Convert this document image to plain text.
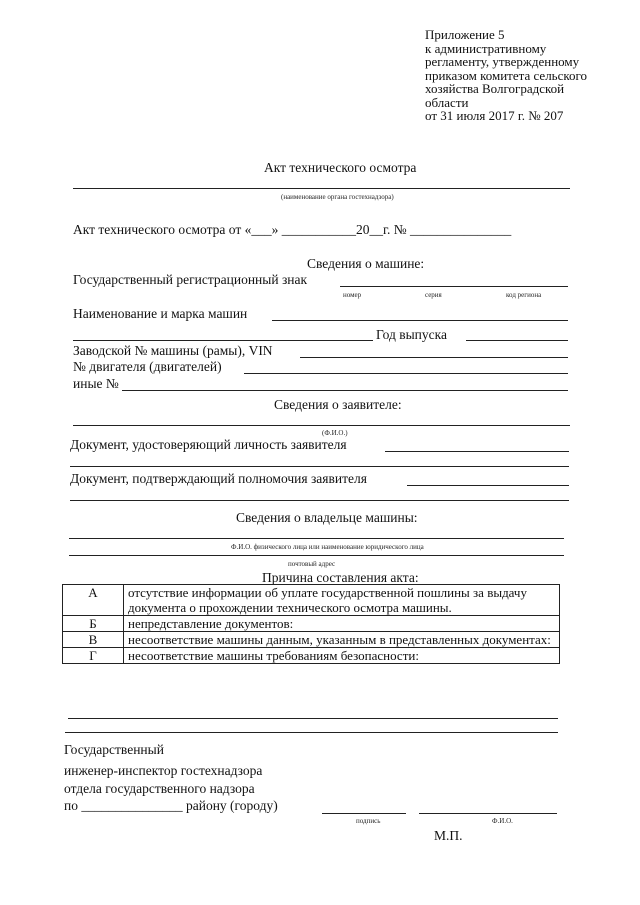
Приложение 5
к административному
регламенту, утвержденному
приказом комитета сельского
хозяйства Волгоградской
области
от 31 июля 2017 г. № 207
Акт технического осмотра
(наименование органа гостехнадзора)
Акт технического осмотра от «___» ___________20__г. № _______________
Сведения о машине:
Государственный регистрационный знак
номер	серия	код региона
Наименование и марка машин
Год выпуска
Заводской № машины (рамы), VIN
№ двигателя (двигателей)
иные №
Сведения о заявителе:
(Ф.И.О.)
Документ, удостоверяющий личность заявителя
Документ, подтверждающий полномочия заявителя
Сведения о владельце машины:
Ф.И.О. физического лица или наименование юридического лица
почтовый адрес
Причина составления акта:
А	отсутствие информации об уплате государственной пошлины за выдачу документа о прохождении технического осмотра машины.
Б	непредставление документов:
В	несоответствие машины данным, указанным в представленных документах:
Г	несоответствие машины требованиям безопасности:
Государственный
инженер-инспектор гостехнадзора
отдела государственного надзора
по _______________ району (городу)
подпись	Ф.И.О.
М.П.
